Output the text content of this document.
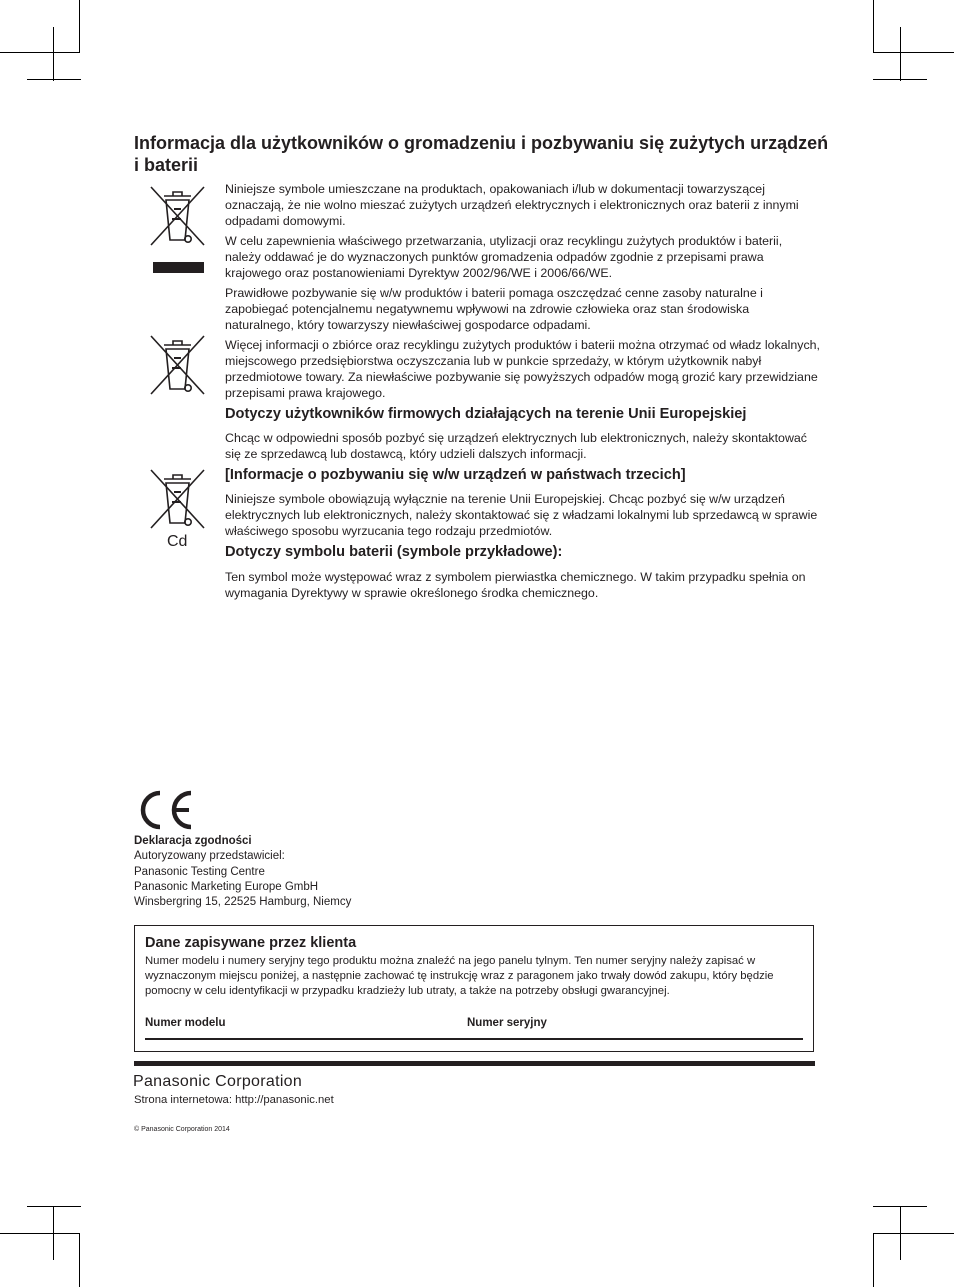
Informacja dla użytkowników o gromadzeniu i pozbywaniu się zużytych urządzeń i baterii
Cd

Niniejsze symbole umieszczane na produktach, opakowaniach i/lub w dokumentacji towarzyszącej oznaczają, że nie wolno mieszać zużytych urządzeń elektrycznych i elektronicznych oraz baterii z innymi odpadami domowymi.

W celu zapewnienia właściwego przetwarzania, utylizacji oraz recyklingu zużytych produktów i baterii, należy oddawać je do wyznaczonych punktów gromadzenia odpadów zgodnie z przepisami prawa krajowego oraz postanowieniami Dyrektyw 2002/96/WE i 2006/66/WE.

Prawidłowe pozbywanie się w/w produktów i baterii pomaga oszczędzać cenne zasoby naturalne i zapobiegać potencjalnemu negatywnemu wpływowi na zdrowie człowieka oraz stan środowiska naturalnego, który towarzyszy niewłaściwej gospodarce odpadami.

Więcej informacji o zbiórce oraz recyklingu zużytych produktów i baterii można otrzymać od władz lokalnych, miejscowego przedsiębiorstwa oczyszczania lub w punkcie sprzedaży, w którym użytkownik nabył przedmiotowe towary. Za niewłaściwe pozbywanie się powyższych odpadów mogą grozić kary przewidziane przepisami prawa krajowego.

Dotyczy użytkowników firmowych działających na terenie Unii Europejskiej

Chcąc w odpowiedni sposób pozbyć się urządzeń elektrycznych lub elektronicznych, należy skontaktować się ze sprzedawcą lub dostawcą, który udzieli dalszych informacji.

[Informacje o pozbywaniu się w/w urządzeń w państwach trzecich]

Niniejsze symbole obowiązują wyłącznie na terenie Unii Europejskiej. Chcąc pozbyć się w/w urządzeń elektrycznych lub elektronicznych, należy skontaktować się z władzami lokalnymi lub sprzedawcą w sprawie właściwego sposobu wyrzucania tego rodzaju przedmiotów.

Dotyczy symbolu baterii (symbole przykładowe):

Ten symbol może występować wraz z symbolem pierwiastka chemicznego. W takim przypadku spełnia on wymagania Dyrektywy w sprawie określonego środka chemicznego.

Deklaracja zgodności
Autoryzowany przedstawiciel:
Panasonic Testing Centre
Panasonic Marketing Europe GmbH
Winsbergring 15, 22525 Hamburg, Niemcy
Dane zapisywane przez klienta
Numer modelu i numery seryjny tego produktu można znaleźć na jego panelu tylnym. Ten numer seryjny należy zapisać w wyznaczonym miejscu poniżej, a następnie zachować tę instrukcję wraz z paragonem jako trwały dowód zakupu, który będzie pomocny w celu identyfikacji w przypadku kradzieży lub utraty, a także na potrzeby obsługi gwarancyjnej.
Numer modelu	Numer seryjny
Panasonic Corporation
Strona internetowa: http://panasonic.net
© Panasonic Corporation 2014
